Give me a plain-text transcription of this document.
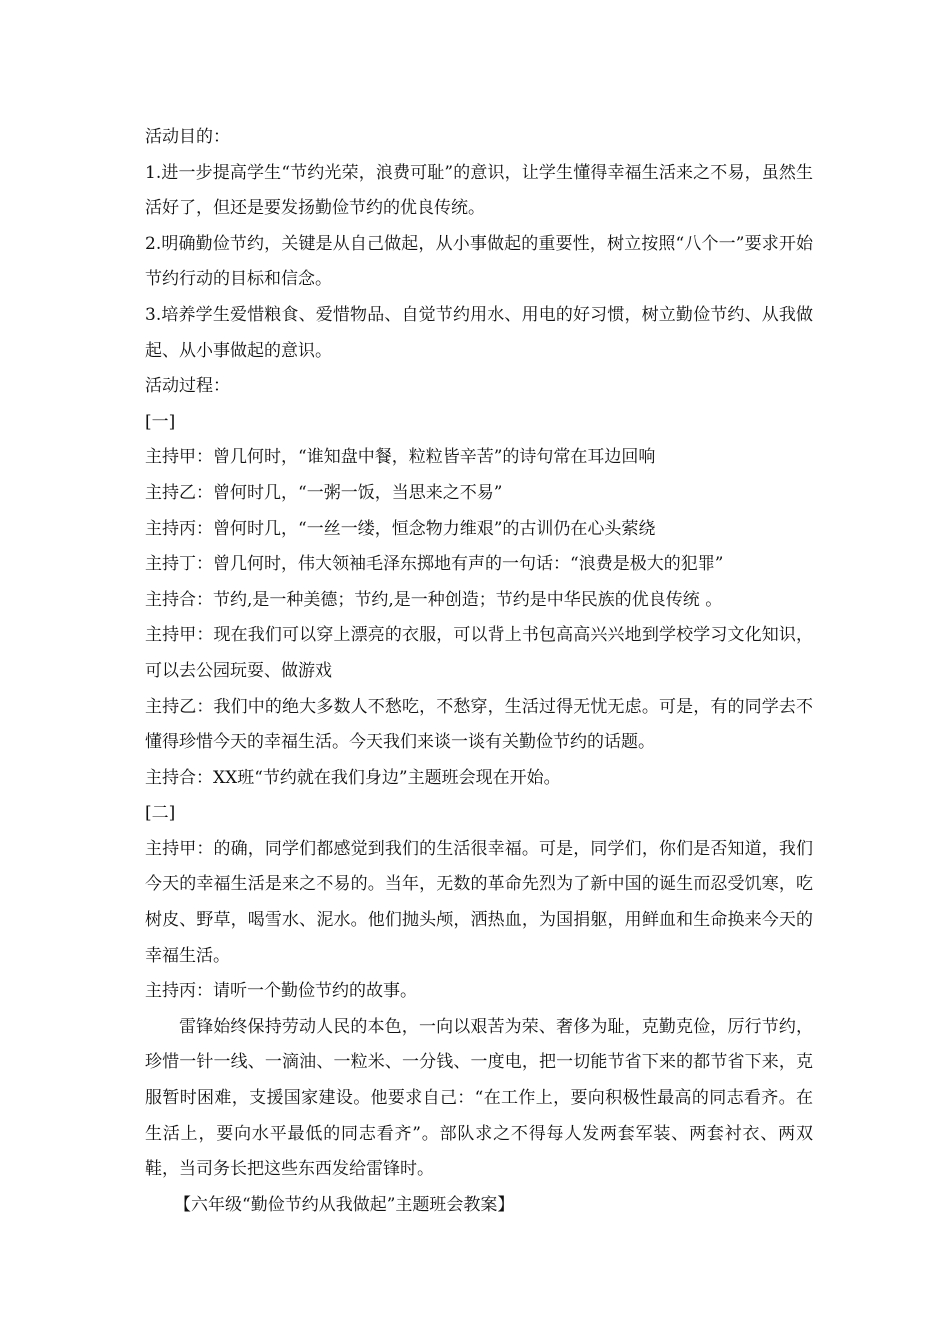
活动目的：

1.进一步提高学生“节约光荣，浪费可耻”的意识，让学生懂得幸福生活来之不易，虽然生活好了，但还是要发扬勤俭节约的优良传统。

2.明确勤俭节约，关键是从自己做起，从小事做起的重要性，树立按照“八个一”要求开始节约行动的目标和信念。

3.培养学生爱惜粮食、爱惜物品、自觉节约用水、用电的好习惯，树立勤俭节约、从我做起、从小事做起的意识。

活动过程：

[一]

主持甲：曾几何时，“谁知盘中餐，粒粒皆辛苦”的诗句常在耳边回响

主持乙：曾何时几，“一粥一饭，当思来之不易”

主持丙：曾何时几，“一丝一缕，恒念物力维艰”的古训仍在心头萦绕

主持丁：曾几何时，伟大领袖毛泽东掷地有声的一句话：“浪费是极大的犯罪”

主持合：节约,是一种美德；节约,是一种创造；节约是中华民族的优良传统 。

主持甲：现在我们可以穿上漂亮的衣服，可以背上书包高高兴兴地到学校学习文化知识，可以去公园玩耍、做游戏

主持乙：我们中的绝大多数人不愁吃，不愁穿，生活过得无忧无虑。可是，有的同学去不懂得珍惜今天的幸福生活。今天我们来谈一谈有关勤俭节约的话题。

主持合：XX班“节约就在我们身边”主题班会现在开始。

[二]

主持甲：的确，同学们都感觉到我们的生活很幸福。可是，同学们，你们是否知道，我们今天的幸福生活是来之不易的。当年，无数的革命先烈为了新中国的诞生而忍受饥寒，吃树皮、野草，喝雪水、泥水。他们抛头颅，洒热血，为国捐躯，用鲜血和生命换来今天的幸福生活。

主持丙：请听一个勤俭节约的故事。

雷锋始终保持劳动人民的本色，一向以艰苦为荣、奢侈为耻，克勤克俭，厉行节约，珍惜一针一线、一滴油、一粒米、一分钱、一度电，把一切能节省下来的都节省下来，克服暂时困难，支援国家建设。他要求自己：“在工作上，要向积极性最高的同志看齐。在生活上，要向水平最低的同志看齐”。部队求之不得每人发两套军装、两套衬衣、两双鞋，当司务长把这些东西发给雷锋时。

【六年级“勤俭节约从我做起”主题班会教案】
